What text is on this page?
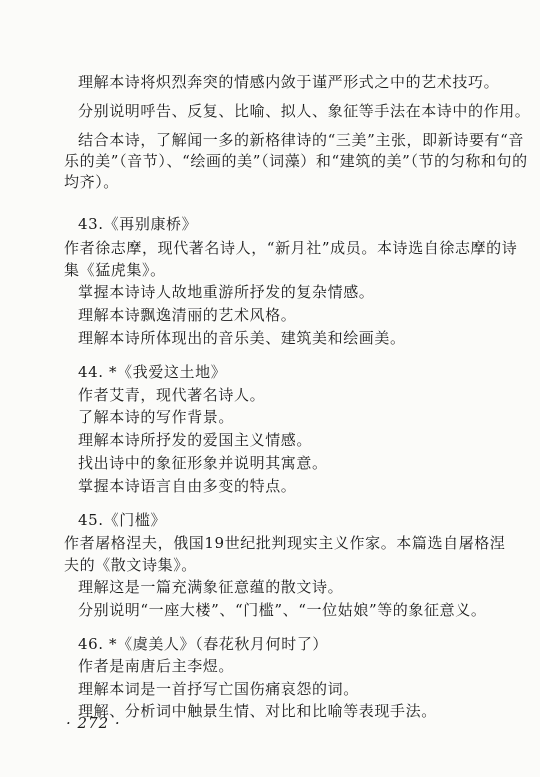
理解本诗将炽烈奔突的情感内敛于谨严形式之中的艺术技巧。
分别说明呼告、反复、比喻、拟人、象征等手法在本诗中的作用。
结合本诗，了解闻一多的新格律诗的“三美”主张，即新诗要有“音
乐的美”（音节）、“绘画的美”（词藻）和“建筑的美”（节的匀称和句的
均齐）。
43.《再别康桥》
作者徐志摩，现代著名诗人，“新月社”成员。本诗选自徐志摩的诗
集《猛虎集》。
掌握本诗诗人故地重游所抒发的复杂情感。
理解本诗飘逸清丽的艺术风格。
理解本诗所体现出的音乐美、建筑美和绘画美。
44. *《我爱这土地》
作者艾青，现代著名诗人。
了解本诗的写作背景。
理解本诗所抒发的爱国主义情感。
找出诗中的象征形象并说明其寓意。
掌握本诗语言自由多变的特点。
45.《门槛》
作者屠格涅夫，俄国19世纪批判现实主义作家。本篇选自屠格涅
夫的《散文诗集》。
理解这是一篇充满象征意蕴的散文诗。
分别说明“一座大楼”、“门槛”、“一位姑娘”等的象征意义。
46. *《虞美人》（春花秋月何时了）
作者是南唐后主李煜。
理解本词是一首抒写亡国伤痛哀怨的词。
理解、分析词中触景生情、对比和比喻等表现手法。
· 272 ·
